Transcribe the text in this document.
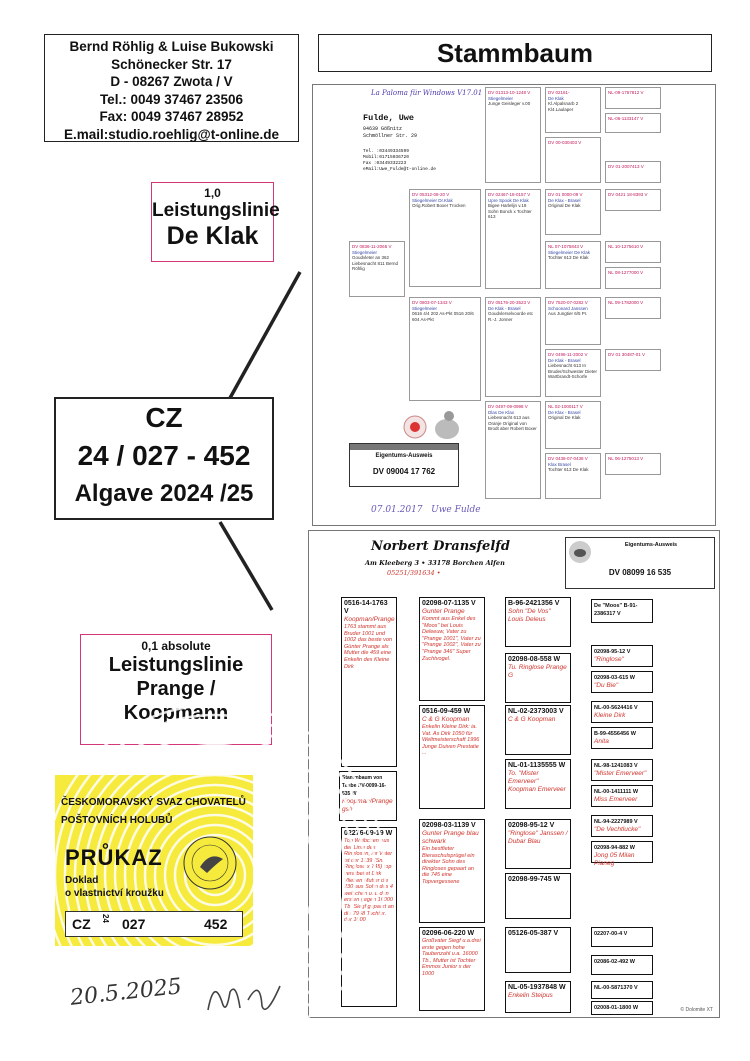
Bernd Röhlig & Luise Bukowski
Schönecker Str. 17
D - 08267 Zwota / V
Tel.: 0049 37467 23506
Fax: 0049 37467 28952
E.mail:studio.roehlig@t-online.de
Stammbaum
1,0
Leistungslinie
De Klak
CZ
24 / 027 - 452
Algave 2024 /25
0,1 absolute
Leistungslinie
Prange /
Koopmann
La Paloma für Windows V17.01
Fulde, Uwe
04639 Gößnitz
Schmöllner Str. 29
Tel. :03449334599
Mobil:01715036720
Fax :03449332223
eMail:Uwe_Fulde@t-online.de
DV 0836-11-2065 V
Stiegelmeier
Goudvleter an 362 Liebesnacht 811 Bernd Röhlig
DV 05312-08-20 V
Stiegelmeier Dr.Klak
Orig.Robert Boxer Trocken
DV 0803-07-1343 V
Stiegelmeier
0616 4/4 202 As-Pkt 0516 20/6 604 As-Pkt
DV 01313-10-1248 V
Stiegelmeier
Junge Geisleger v.00
DV 02467-18-0157 V
Upre Spook De Klak
Bigee Harlelijn v.19 Sohn Bonck x Tochter 613
DV 05176-20-3523 V
De Klak - Brasel
Goudvlerselvoorde etc R.-J. Jonner
DV 0497-09-0998 V
Dlas De Klax
Liebesnacht 613 aus Oranje Original von Brodt aber Robert Boxer
DV 02161-
De Klak
Kl.Alpalsnarb 2 Kl4.Laulaper
DV 00-030403 V
DV 01 0000-09 V
De Klax - Brasel
Original De Klak
NL 07-1075843 V
Stiegelmeier De Klak
Tochter 613 De Klak
DV 7520-07-0282 V
Schoonard Janssen
Aus Jungtier 6/5 Pr.
DV 0496-11-2002 V
De Klak - Brasel
Liebesnacht 613 In Bruder/Schwester Dieter Wartbrandt-Schorfe
NL 02-1000117 V
De Klax - Brasel
Original De Klak
DV 0438-07-0438 V
Klax Brasel
Tochter 613 De Klak
NL-09-1767812 V
NL-06-1133147 V
DV 01-2007413 V
DV 0421 18-8393 V
NL 10-1275610 V
NL 08-1277000 V
NL 09-1782000 V
DV 01 30487-01 V
NL 06-1275013 V

Eigentums-Ausweis
DV 09004 17 762
07.01.2017 Uwe Fulde
Norbert Dransfelfd
Am Kleeberg 3 • 33178 Borchen Alfen
05251/391634 •
Eigentums-Ausweis
DV 08099 16 535
0516-14-1763 V
Koopman/Prange
1763 stammt aus Bruder 1001 und 1002 das beste von Günter Prange als Mutter die 459 eine Enkelin des Kleine Dirk
Stammbaum von Taube DV-0099-16-535 W
Koopman/Prange gsh
02276-09-19 W
Top Weibchen aus der Linie des Ringlosen, ihr Vater ist der 1139 (Sn. Ringlose x 745) top verarbeitet Dirk Vlieben Mutter die 230 aus Sohn des 4 weibchen u.a. den ersten gegen 16000 Tb. Siegf gepaart an die 7948 Tochter. der 1000
02098-07-1135 V
Gunter Prange
Kommt aus Enkel des "Moos" bei Louis Deleeuw, Vater zu "Prange 1001", Vater zu "Prange 1002", Vater zu "Prange 346" Super Zuchtvogel.
0516-09-459 W
C & G Koopman
Enkelin Kleine Dirk: ia. Vat. As Dirk 1050 für Weltmeisterschaft 1996 Junge Duiven Prestatie ...
02098-03-1139 V
Gunter Prange blau schwark
Ein bestfieter Bieraschulsprügel ein direkter Sohn des Ringloses gepaart an die 745 eine Topvergessene
02096-06-220 W
Großvater Siegf u.a.drei erste gegen hohe Taubenzahl u.a. 16000 Tb., Mutter ist Tochter Emmos Junior x der 1000
B-96-2421356 V
Sohn "De Vos" Louis Deleus
02098-08-558 W
Tu. Ringlose Prange G
NL-02-2373003 V
C & G Koopman
NL-01-1135555 W
To. "Mister Emerveer" Koopman Emerveer
02098-95-12 V
"Ringlose" Janssen / Dubar Blau
02098-99-745 W
05126-05-387 V
NL-05-1937848 W
Enkelin Steipus
De "Moos" B-91-2386317 V
02098-95-12 V
"Ringlose"
02098-03-615 W
"Du Bie"
NL-00-5624416 V
Kleine Dirk
B-99-4556456 W
Anita
NL-98-1241083 V
"Mister Emerveer"
NL-00-1411111 W
Miss Emerveer
NL-94-2227989 V
"De Vechtlucke"
02098-94-882 W
Jong 05 Milan Pianeg
02207-00-4 V
02086-02-492 W
NL-00-5871370 V
02008-01-1800 W	© Dolomite XT
ČESKOMORAVSKÝ SVAZ CHOVATELŮ
POŠTOVNÍCH HOLUBŮ
PRŮKAZ
Doklad
o vlastnictví kroužku
CZ 24 027	452
20.5.2025
